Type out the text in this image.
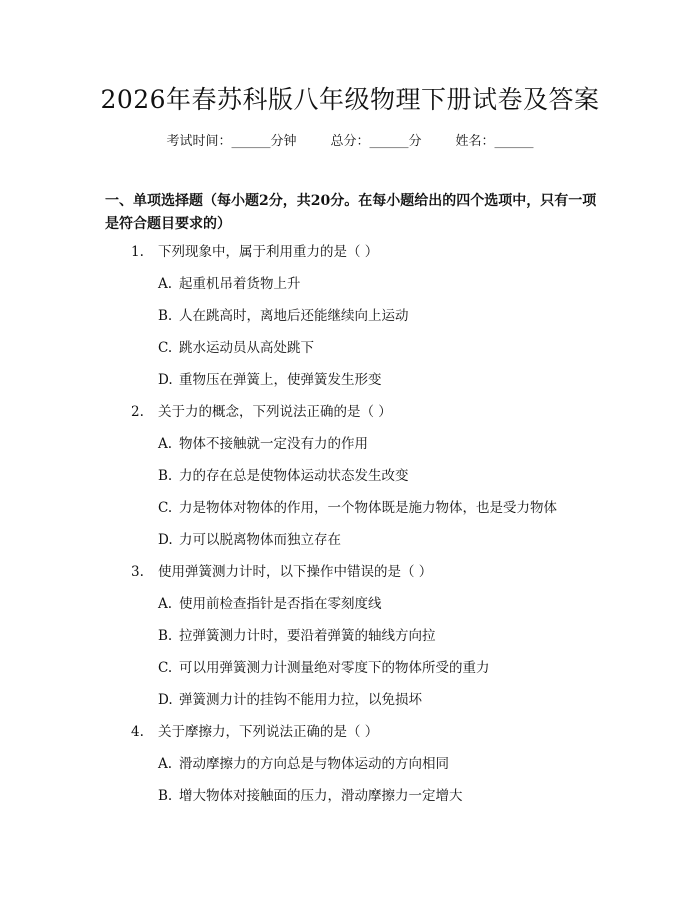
2026年春苏科版八年级物理下册试卷及答案
考试时间：______分钟	总分：______分	姓名：______
一、单项选择题（每小题2分，共20分。在每小题给出的四个选项中，只有一项是符合题目要求的）
1.	下列现象中，属于利用重力的是（ ）
A. 起重机吊着货物上升
B. 人在跳高时，离地后还能继续向上运动
C. 跳水运动员从高处跳下
D. 重物压在弹簧上，使弹簧发生形变
2.	关于力的概念，下列说法正确的是（ ）
A. 物体不接触就一定没有力的作用
B. 力的存在总是使物体运动状态发生改变
C. 力是物体对物体的作用，一个物体既是施力物体，也是受力物体
D. 力可以脱离物体而独立存在
3.	使用弹簧测力计时，以下操作中错误的是（ ）
A. 使用前检查指针是否指在零刻度线
B. 拉弹簧测力计时，要沿着弹簧的轴线方向拉
C. 可以用弹簧测力计测量绝对零度下的物体所受的重力
D. 弹簧测力计的挂钩不能用力拉，以免损坏
4.	关于摩擦力，下列说法正确的是（ ）
A. 滑动摩擦力的方向总是与物体运动的方向相同
B. 增大物体对接触面的压力，滑动摩擦力一定增大
